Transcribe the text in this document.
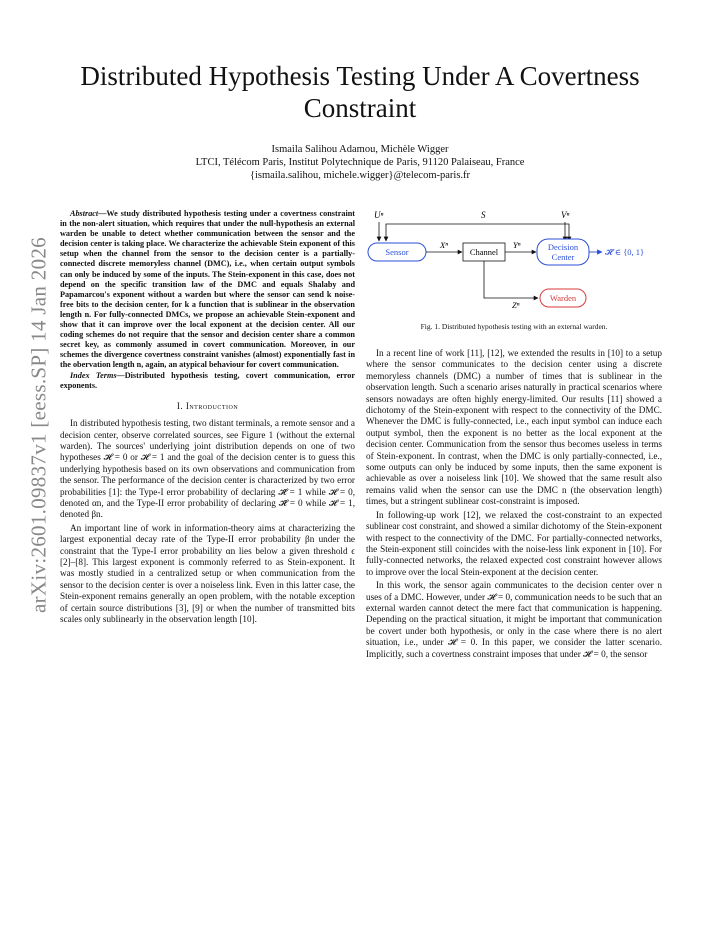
arXiv:2601.09837v1 [eess.SP] 14 Jan 2026
Distributed Hypothesis Testing Under A Covertness Constraint
Ismaila Salihou Adamou, Michèle Wigger
LTCI, Télécom Paris, Institut Polytechnique de Paris, 91120 Palaiseau, France
{ismaila.salihou, michele.wigger}@telecom-paris.fr

Abstract—We study distributed hypothesis testing under a covertness constraint in the non-alert situation, which requires that under the null-hypothesis an external warden be unable to detect whether communication between the sensor and the decision center is taking place. We characterize the achievable Stein exponent of this setup when the channel from the sensor to the decision center is a partially-connected discrete memoryless channel (DMC), i.e., when certain output symbols can only be induced by some of the inputs. The Stein-exponent in this case, does not depend on the specific transition law of the DMC and equals Shalaby and Papamarcou's exponent without a warden but where the sensor can send k noise-free bits to the decision center, for k a function that is sublinear in the observation length n. For fully-connected DMCs, we propose an achievable Stein-exponent and show that it can improve over the local exponent at the decision center. All our coding schemes do not require that the sensor and decision center share a common secret key, as commonly assumed in covert communication. Moreover, in our schemes the divergence covertness constraint vanishes (almost) exponentially fast in the obervation length n, again, an atypical behaviour for covert communication.

Index Terms—Distributed hypothesis testing, covert communication, error exponents.

I. Introduction

In distributed hypothesis testing, two distant terminals, a remote sensor and a decision center, observe correlated sources, see Figure 1 (without the external warden). The sources' underlying joint distribution depends on one of two hypotheses 𝓗 = 0 or 𝓗 = 1 and the goal of the decision center is to guess this underlying hypothesis based on its own observations and communication from the sensor. The performance of the decision center is characterized by two error probabilities [1]: the Type-I error probability of declaring 𝓗̂ = 1 while 𝓗 = 0, denoted αn, and the Type-II error probability of declaring 𝓗̂ = 0 while 𝓗 = 1, denoted βn.

An important line of work in information-theory aims at characterizing the largest exponential decay rate of the Type-II error probability βn under the constraint that the Type-I error probability αn lies below a given threshold ϵ [2]–[8]. This largest exponent is commonly referred to as Stein-exponent. It was mostly studied in a centralized setup or when communication from the sensor to the decision center is over a noiseless link. Even in this latter case, the Stein-exponent remains generally an open problem, with the notable exception of certain source distributions [3], [9] or when the number of transmitted bits scales only sublinearly in the observation length [10].

Uⁿ	S	Vⁿ
Sensor
Xⁿ
Channel
Yⁿ	Decision
Center	𝓗̂ ∈ {0, 1}
Zⁿ
Warden
Fig. 1. Distributed hypothesis testing with an external warden.

In a recent line of work [11], [12], we extended the results in [10] to a setup where the sensor communicates to the decision center using a discrete memoryless channels (DMC) a number of times that is sublinear in the observation length. Such a scenario arises naturally in practical scenarios where sensors nowadays are often highly energy-limited. Our results [11] showed a dichotomy of the Stein-exponent with respect to the connectivity of the DMC. Whenever the DMC is fully-connected, i.e., each input symbol can induce each output symbol, then the exponent is no better as the local exponent at the decision center. Communication from the sensor thus becomes useless in terms of Stein-exponent. In contrast, when the DMC is only partially-connected, i.e., some outputs can only be induced by some inputs, then the same exponent is achievable as over a noiseless link [10]. We showed that the same result also remains valid when the sensor can use the DMC n (the observation length) times, but a stringent sublinear cost-constraint is imposed.

In following-up work [12], we relaxed the cost-constraint to an expected sublinear cost constraint, and showed a similar dichotomy of the Stein-exponent with respect to the connectivity of the DMC. For partially-connected networks, the Stein-exponent still coincides with the noise-less link exponent in [10]. For fully-connected networks, the relaxed expected cost constraint however allows to improve over the local Stein-exponent at the decision center.

In this work, the sensor again communicates to the decision center over n uses of a DMC. However, under 𝓗 = 0, communication needs to be such that an external warden cannot detect the mere fact that communication is happening. Depending on the practical situation, it might be important that communication be covert under both hypothesis, or only in the case where there is no alert situation, i.e., under 𝓗 = 0. In this paper, we consider the latter scenario. Implicitly, such a covertness constraint imposes that under 𝓗 = 0, the sensor
